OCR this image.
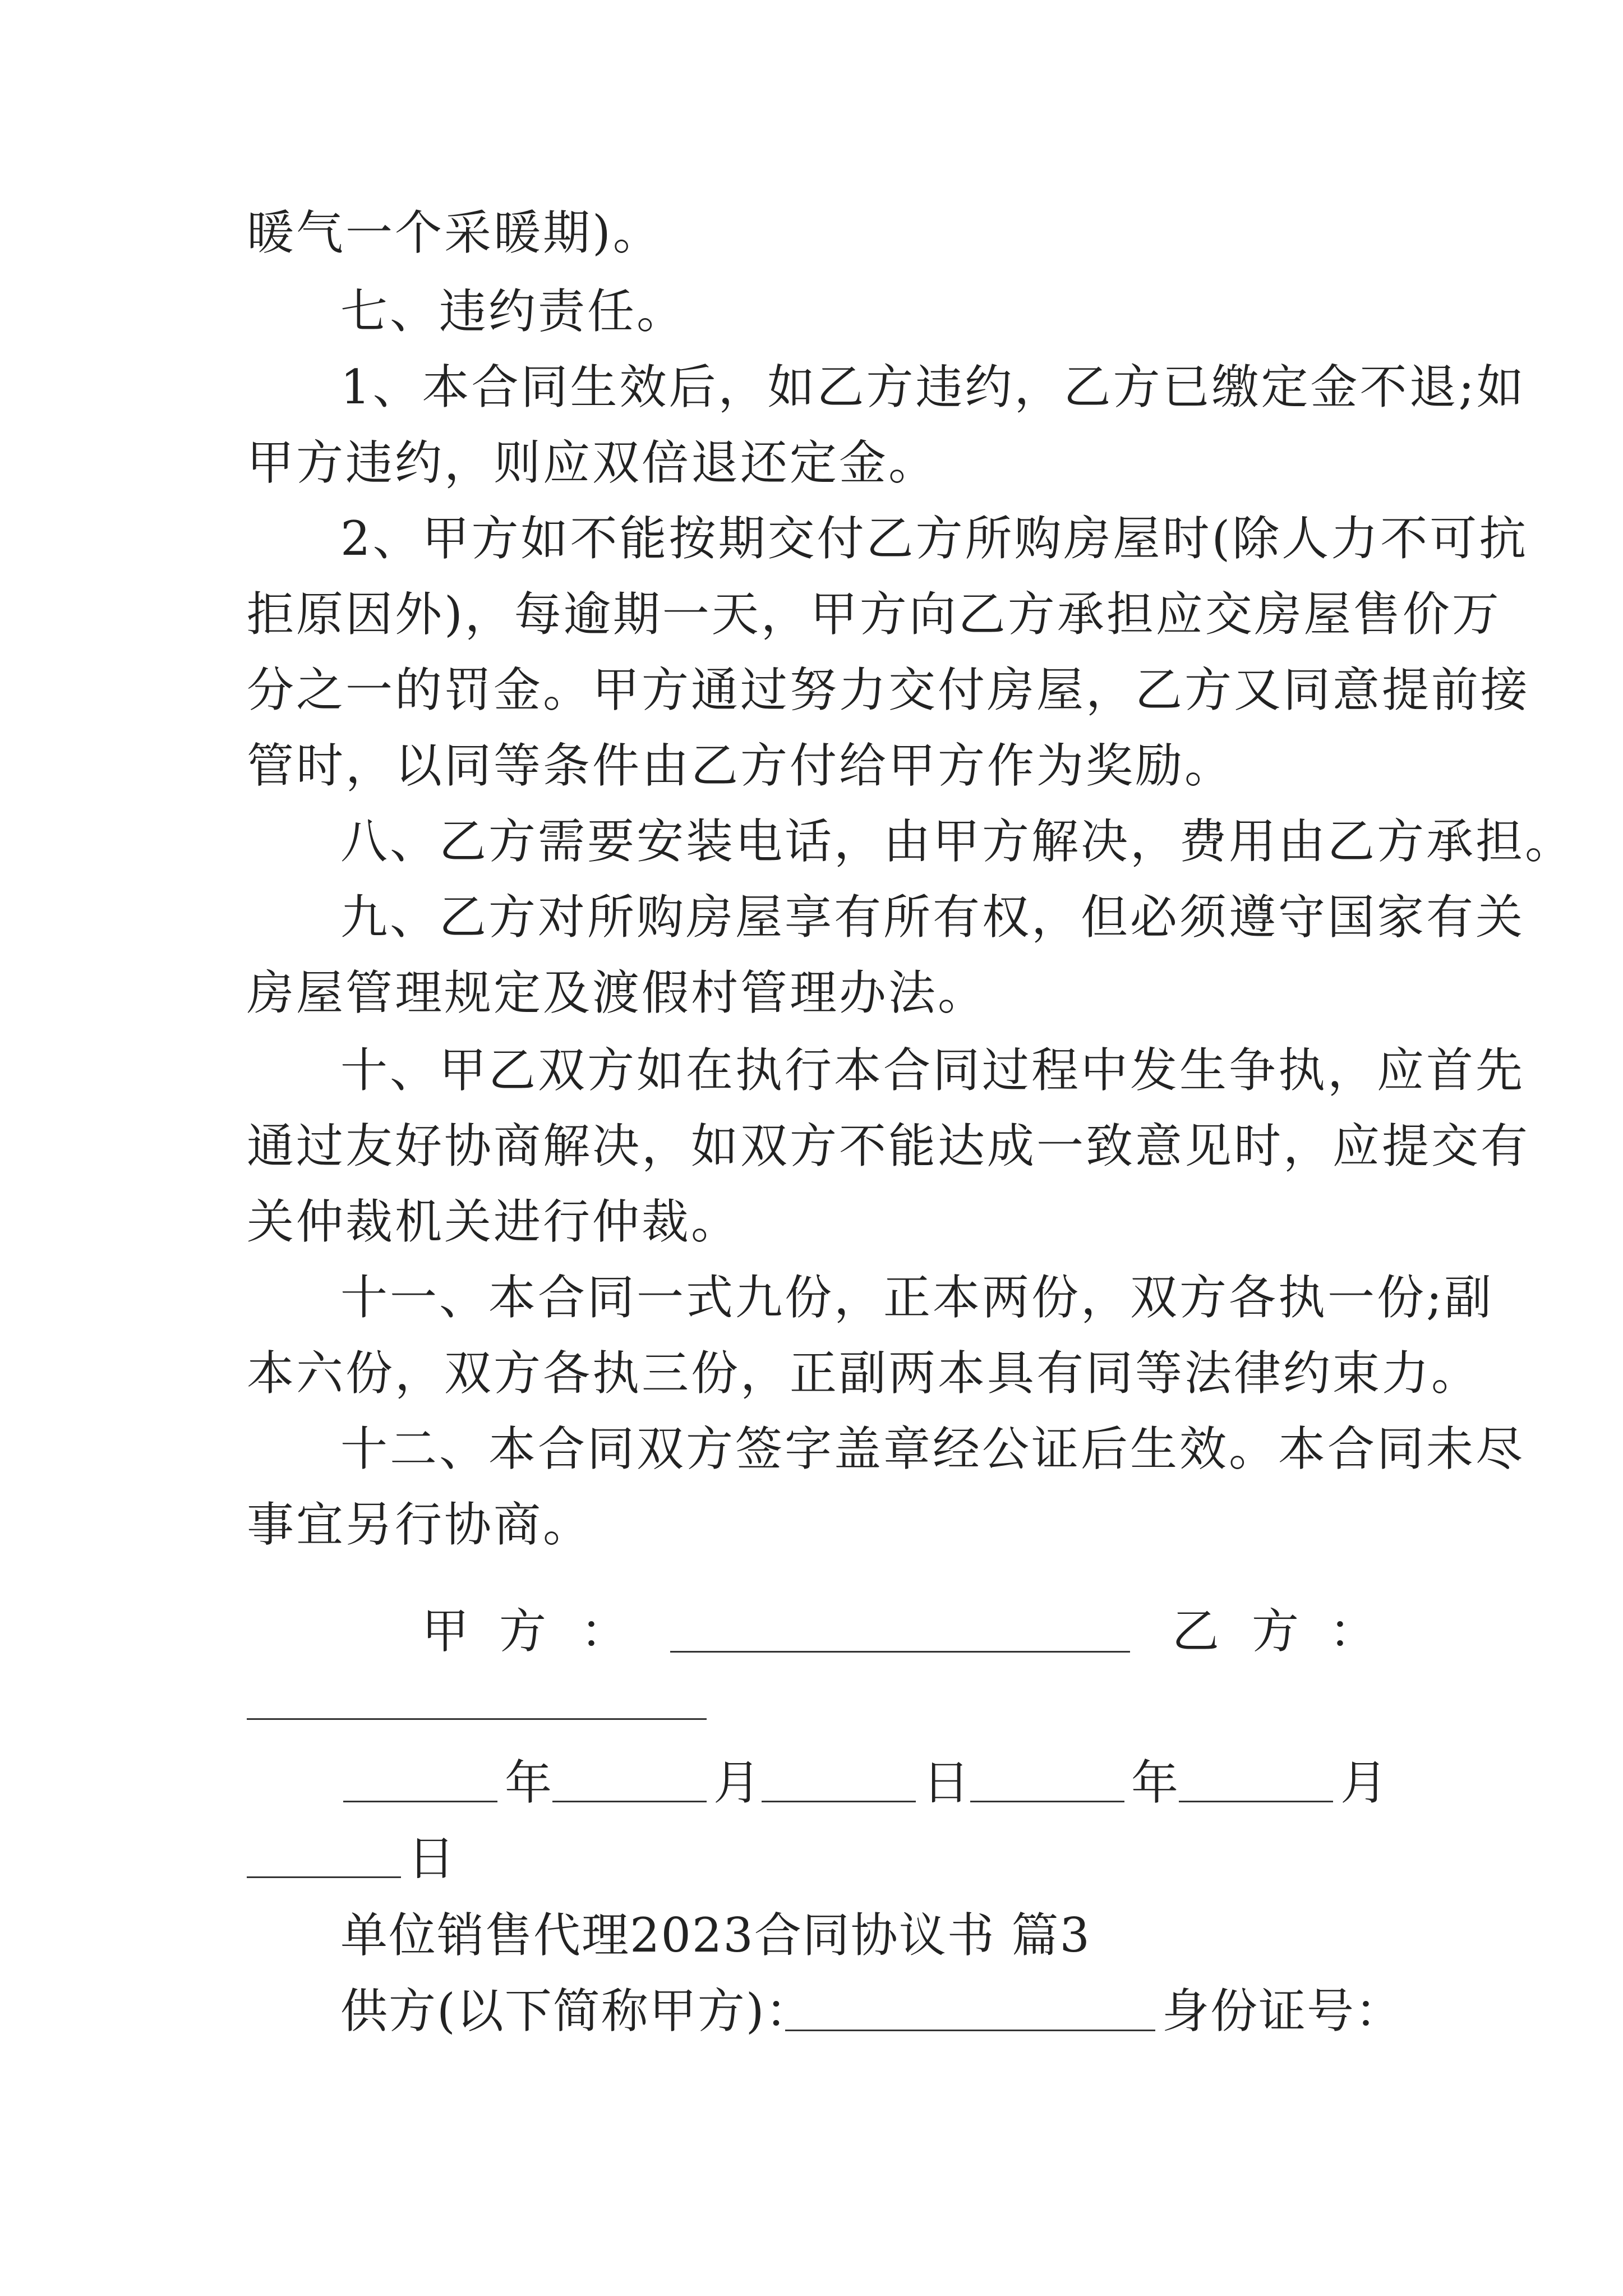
暖气一个采暖期)。
七、违约责任。
1、本合同生效后，如乙方违约，乙方已缴定金不退;如
甲方违约，则应双倍退还定金。
2、甲方如不能按期交付乙方所购房屋时(除人力不可抗
拒原因外)，每逾期一天，甲方向乙方承担应交房屋售价万
分之一的罚金。甲方通过努力交付房屋，乙方又同意提前接
管时，以同等条件由乙方付给甲方作为奖励。
八、乙方需要安装电话，由甲方解决，费用由乙方承担。
九、乙方对所购房屋享有所有权，但必须遵守国家有关
房屋管理规定及渡假村管理办法。
十、甲乙双方如在执行本合同过程中发生争执，应首先
通过友好协商解决，如双方不能达成一致意见时，应提交有
关仲裁机关进行仲裁。
十一、本合同一式九份，正本两份，双方各执一份;副
本六份，双方各执三份，正副两本具有同等法律约束力。
十二、本合同双方签字盖章经公证后生效。本合同未尽
事宜另行协商。
甲 方 ：	乙 方 ：
年	月	日	年	月
日
单位销售代理2023合同协议书 篇3
供方(以下简称甲方)：	身份证号：
